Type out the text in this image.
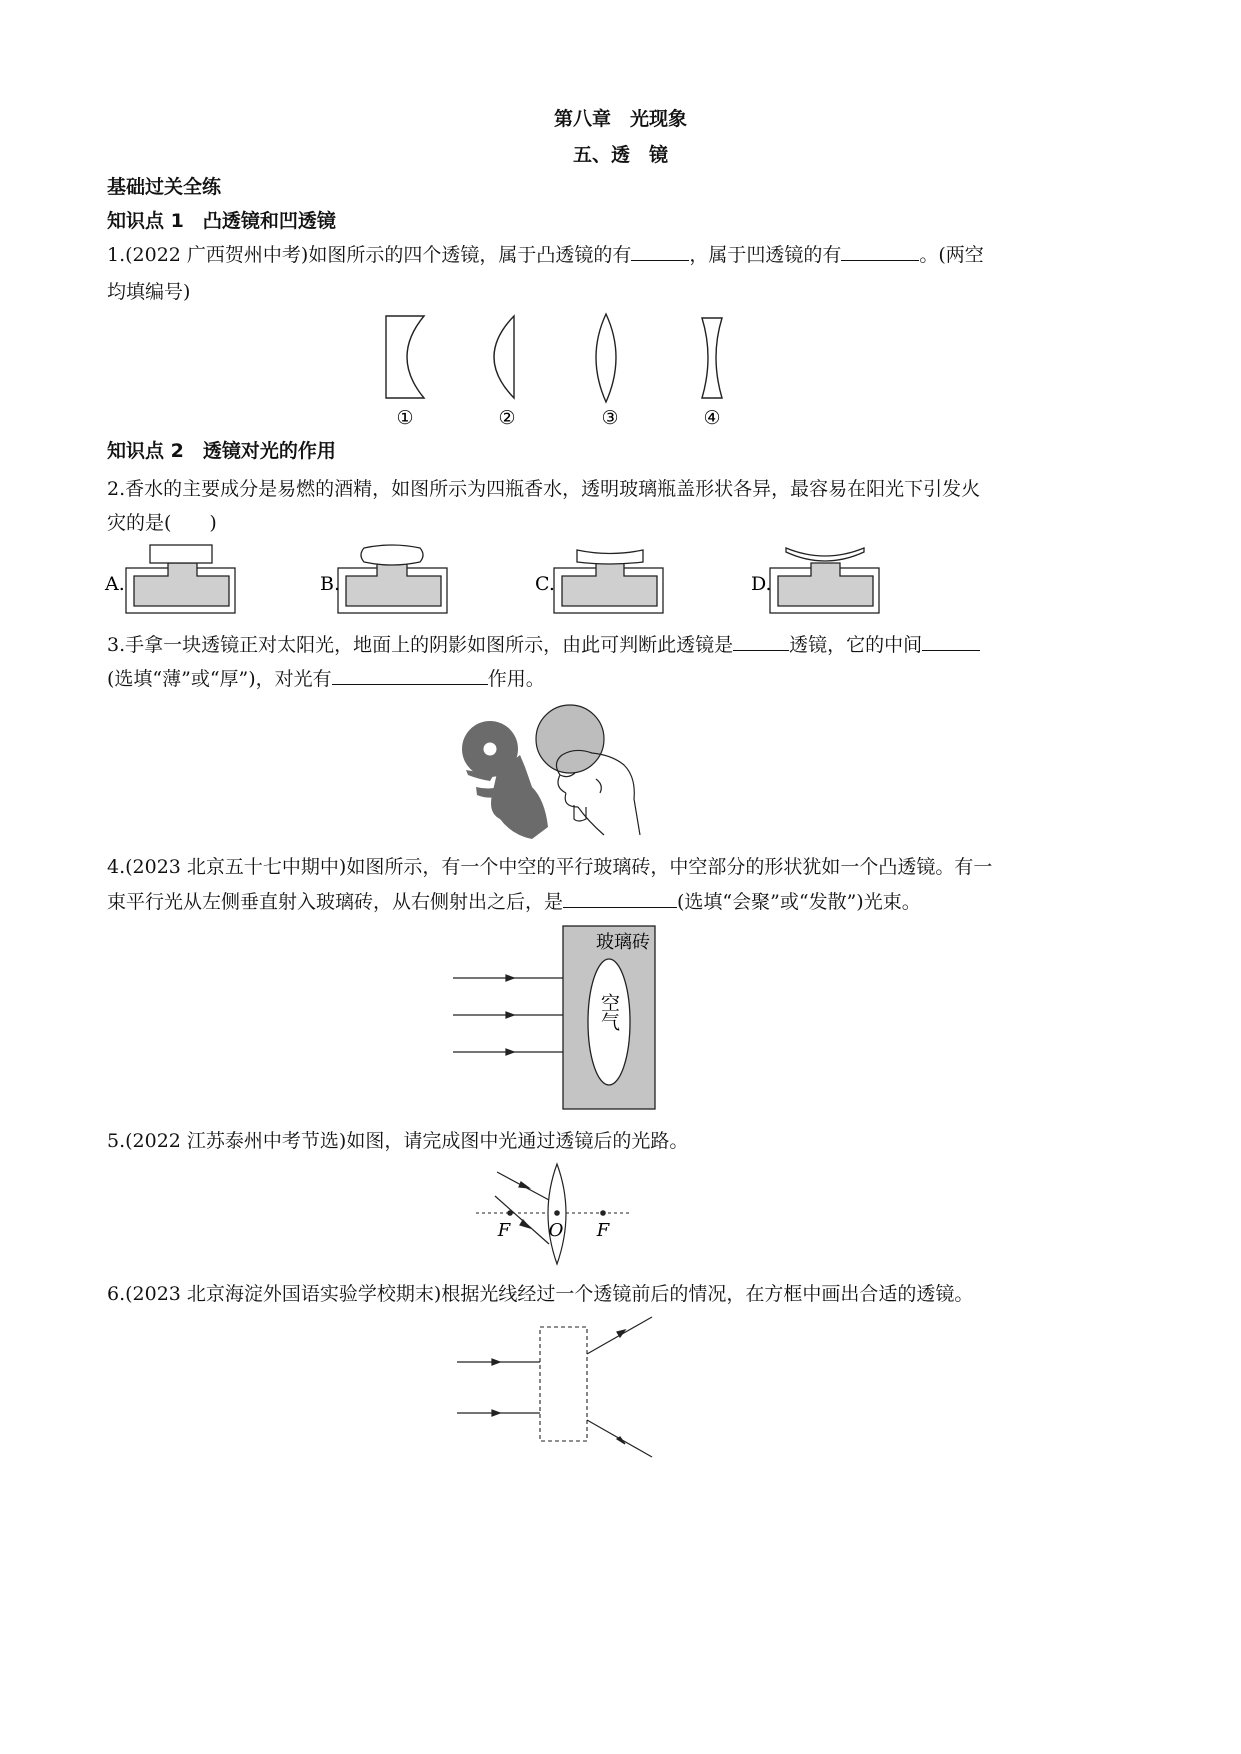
第八章　光现象
五、透　镜
基础过关全练
知识点 1　凸透镜和凹透镜
1.(2022 广西贺州中考)如图所示的四个透镜，属于凸透镜的有	，属于凹透镜的有	。(两空
均填编号)
①	②	③	④
知识点 2　透镜对光的作用
2.香水的主要成分是易燃的酒精，如图所示为四瓶香水，透明玻璃瓶盖形状各异，最容易在阳光下引发火
灾的是(　　)
A.	B.	C.	D.
3.手拿一块透镜正对太阳光，地面上的阴影如图所示，由此可判断此透镜是	透镜，它的中间
(选填“薄”或“厚”)，对光有	作用。
4.(2023 北京五十七中期中)如图所示，有一个中空的平行玻璃砖，中空部分的形状犹如一个凸透镜。有一
束平行光从左侧垂直射入玻璃砖，从右侧射出之后，是	(选填“会聚”或“发散”)光束。
玻璃砖
空气
5.(2022 江苏泰州中考节选)如图，请完成图中光通过透镜后的光路。
F O F
6.(2023 北京海淀外国语实验学校期末)根据光线经过一个透镜前后的情况，在方框中画出合适的透镜。
